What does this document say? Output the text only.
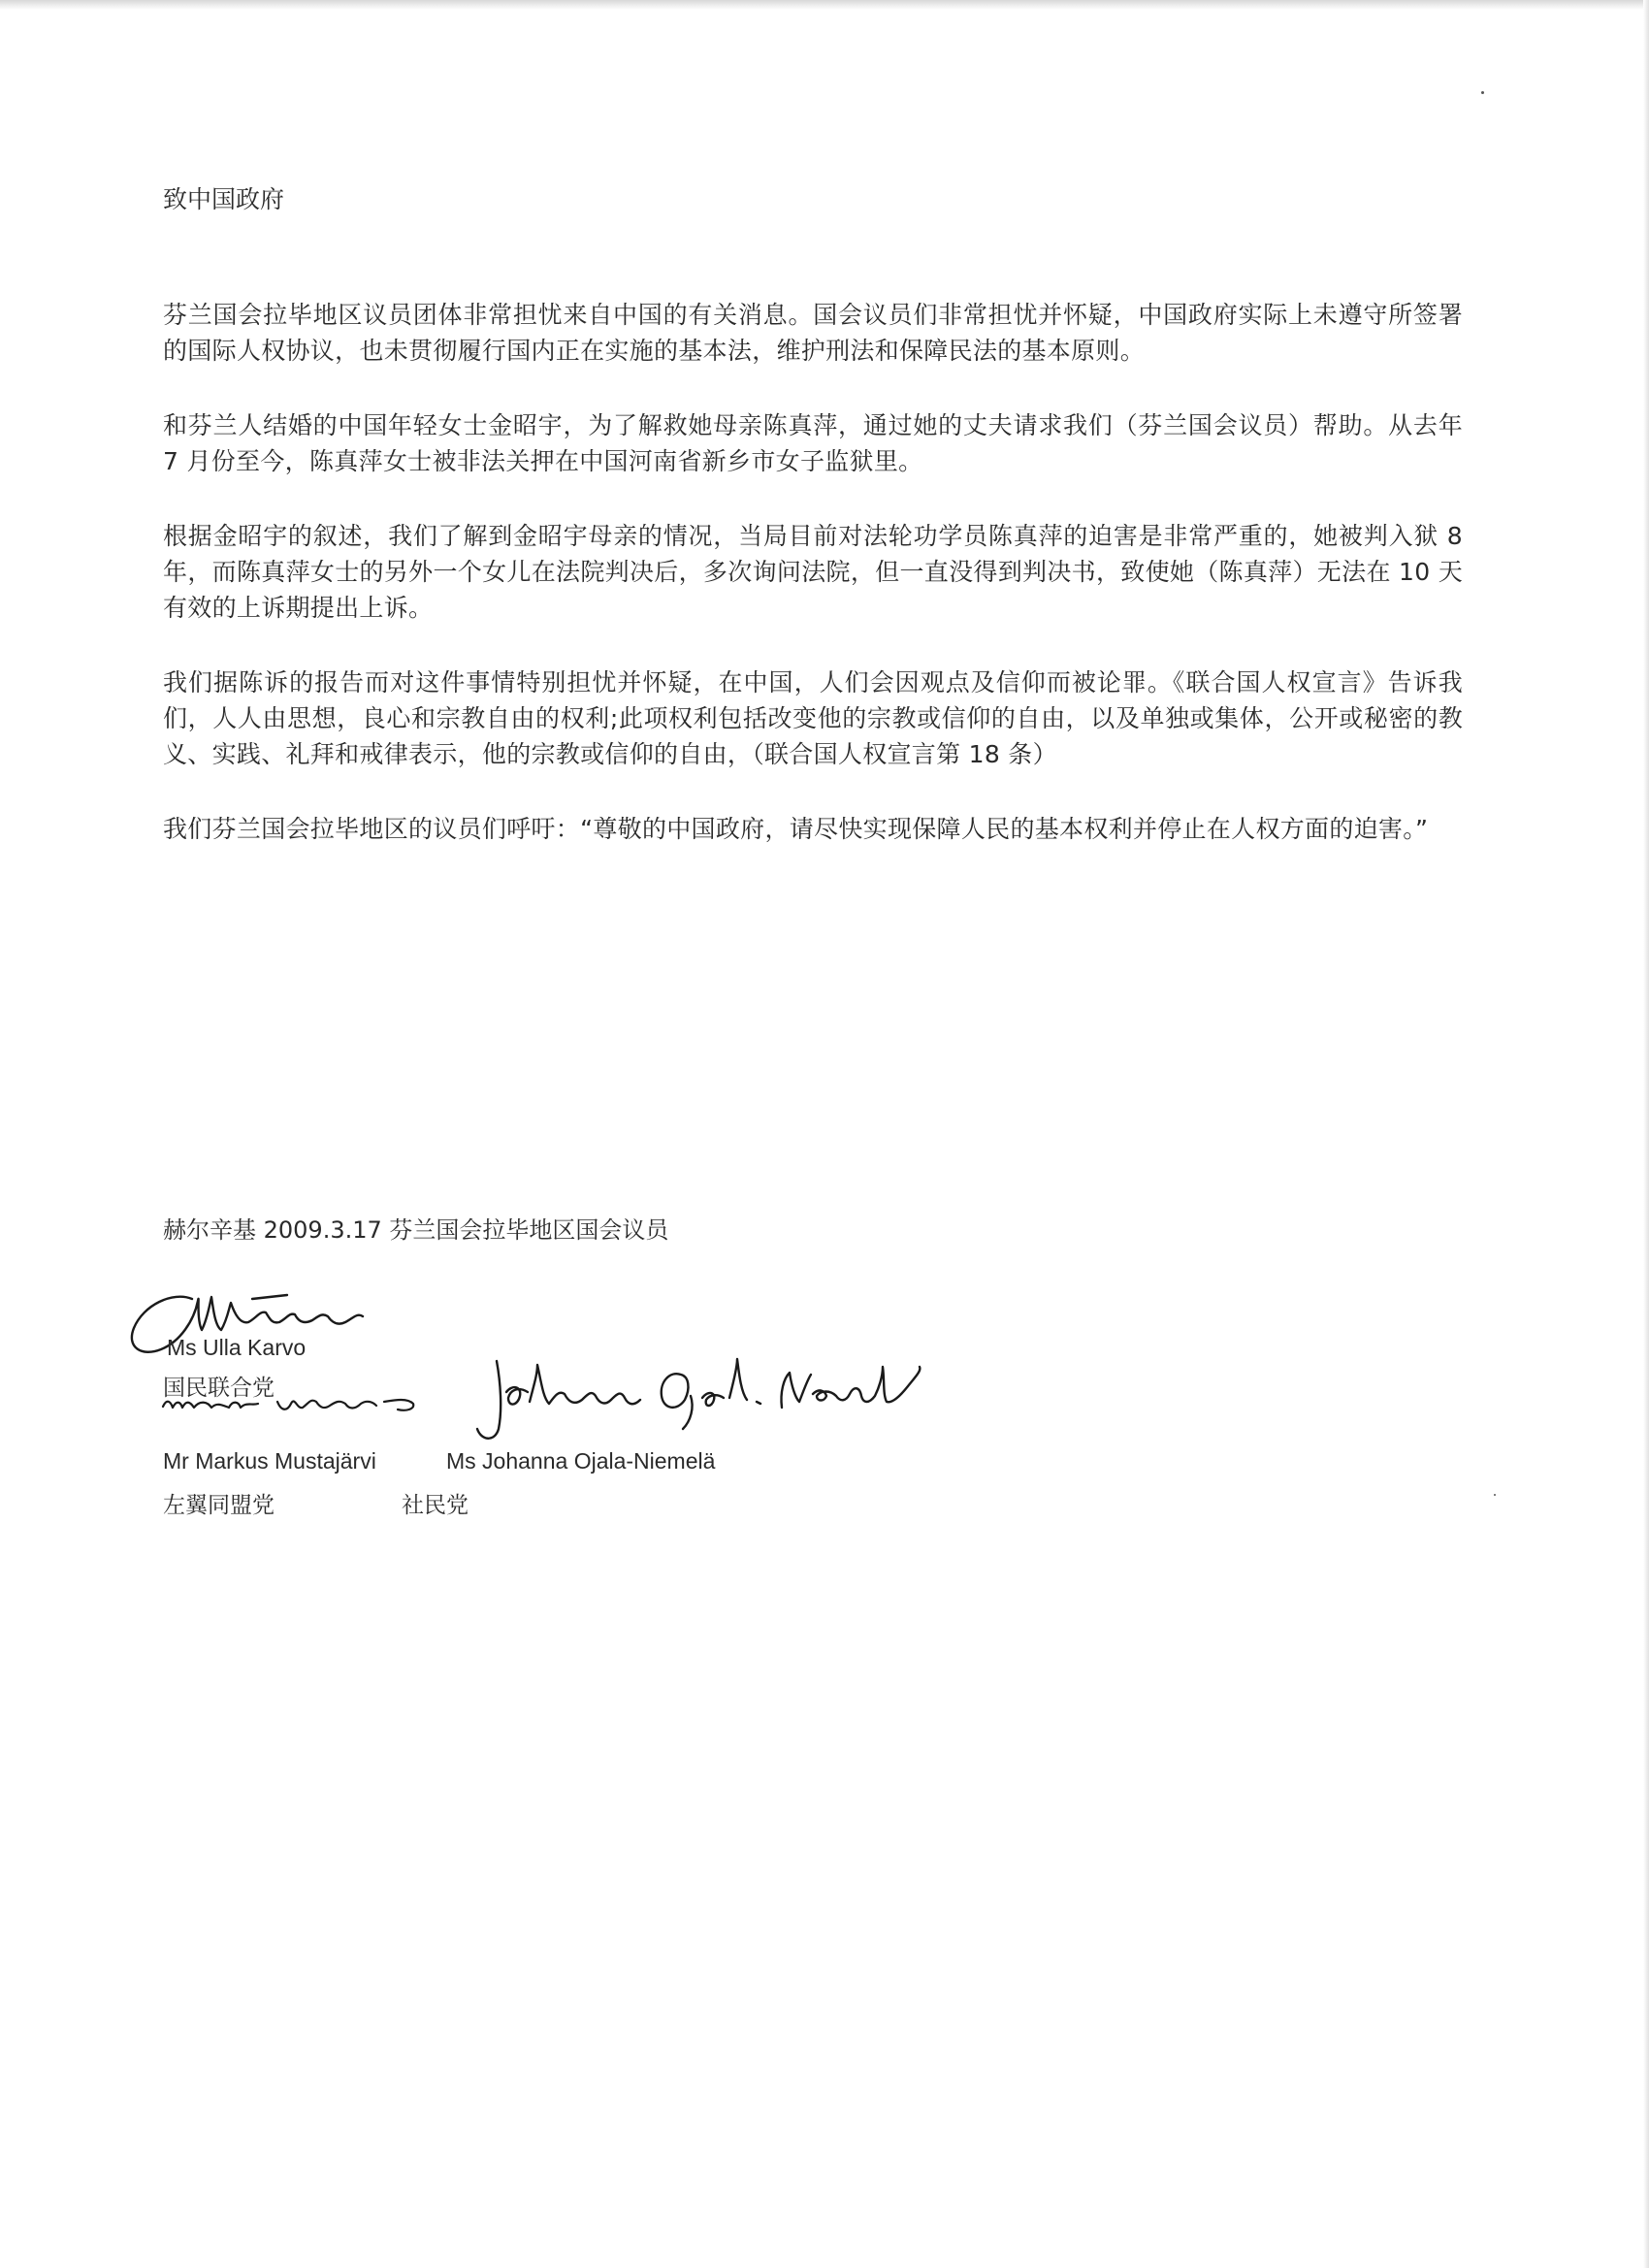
致中国政府

芬兰国会拉毕地区议员团体非常担忧来自中国的有关消息。国会议员们非常担忧并怀疑，中国政府实际上未遵守所签署的国际人权协议，也未贯彻履行国内正在实施的基本法，维护刑法和保障民法的基本原则。

和芬兰人结婚的中国年轻女士金昭宇，为了解救她母亲陈真萍，通过她的丈夫请求我们（芬兰国会议员）帮助。从去年 7 月份至今，陈真萍女士被非法关押在中国河南省新乡市女子监狱里。

根据金昭宇的叙述，我们了解到金昭宇母亲的情况，当局目前对法轮功学员陈真萍的迫害是非常严重的，她被判入狱 8 年，而陈真萍女士的另外一个女儿在法院判决后，多次询问法院，但一直没得到判决书，致使她（陈真萍）无法在 10 天有效的上诉期提出上诉。

我们据陈诉的报告而对这件事情特别担忧并怀疑，在中国，人们会因观点及信仰而被论罪。《联合国人权宣言》告诉我们，人人由思想，良心和宗教自由的权利;此项权利包括改变他的宗教或信仰的自由，以及单独或集体，公开或秘密的教义、实践、礼拜和戒律表示，他的宗教或信仰的自由，（联合国人权宣言第 18 条）

我们芬兰国会拉毕地区的议员们呼吁：“尊敬的中国政府，请尽快实现保障人民的基本权利并停止在人权方面的迫害。”

赫尔辛基 2009.3.17 芬兰国会拉毕地区国会议员
Ms Ulla Karvo
国民联合党
Mr Markus Mustajärvi	Ms Johanna Ojala-Niemelä
左翼同盟党	社民党
